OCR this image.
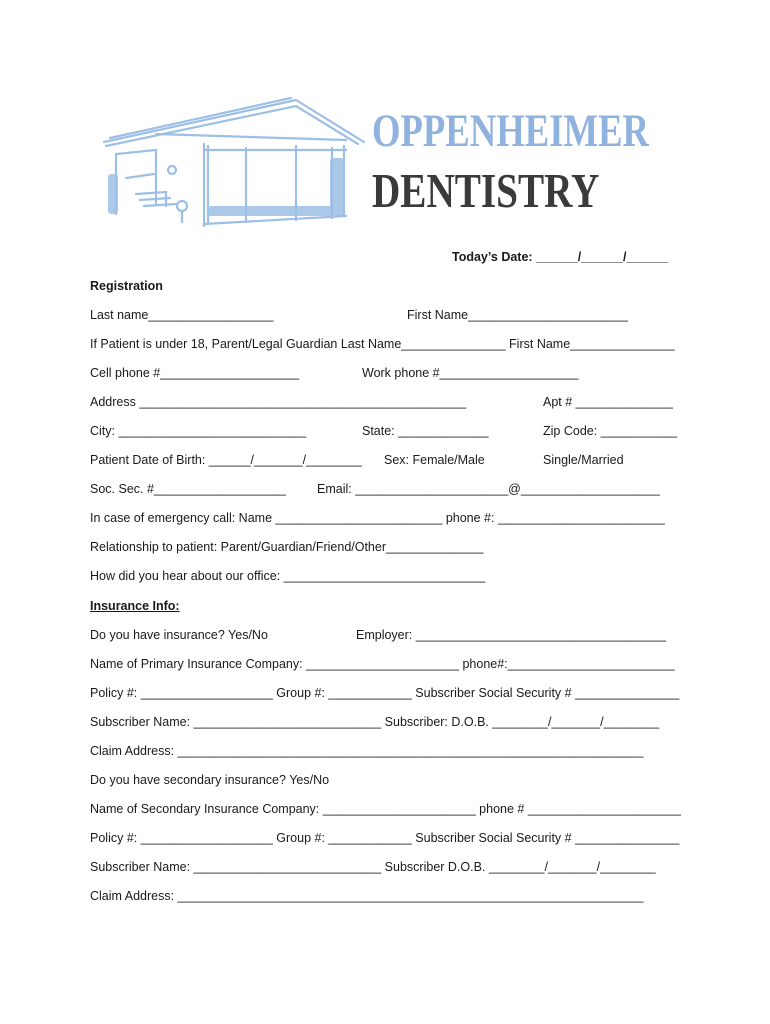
OPPENHEIMER
DENTISTRY
Today’s Date: ______/______/______
Registration
Last name__________________	First Name_______________________
If Patient is under 18, Parent/Legal Guardian Last Name_______________ First Name_______________
Cell phone #____________________	Work phone #____________________
Address _______________________________________________	Apt # ______________
City: ___________________________	State: _____________	Zip Code: ___________
Patient Date of Birth: ______/_______/________ Sex: Female/Male	Single/Married
Soc. Sec. #___________________ Email: ______________________@____________________
In case of emergency call: Name ________________________ phone #: ________________________
Relationship to patient: Parent/Guardian/Friend/Other______________
How did you hear about our office: _____________________________
Insurance Info:
Do you have insurance? Yes/No	Employer: ____________________________________
Name of Primary Insurance Company: ______________________ phone#:________________________
Policy #: ___________________ Group #: ____________ Subscriber Social Security # _______________
Subscriber Name: ___________________________ Subscriber: D.O.B. ________/_______/________
Claim Address: ___________________________________________________________________
Do you have secondary insurance? Yes/No
Name of Secondary Insurance Company: ______________________ phone # ______________________
Policy #: ___________________ Group #: ____________ Subscriber Social Security # _______________
Subscriber Name: ___________________________ Subscriber D.O.B. ________/_______/________
Claim Address: ___________________________________________________________________
